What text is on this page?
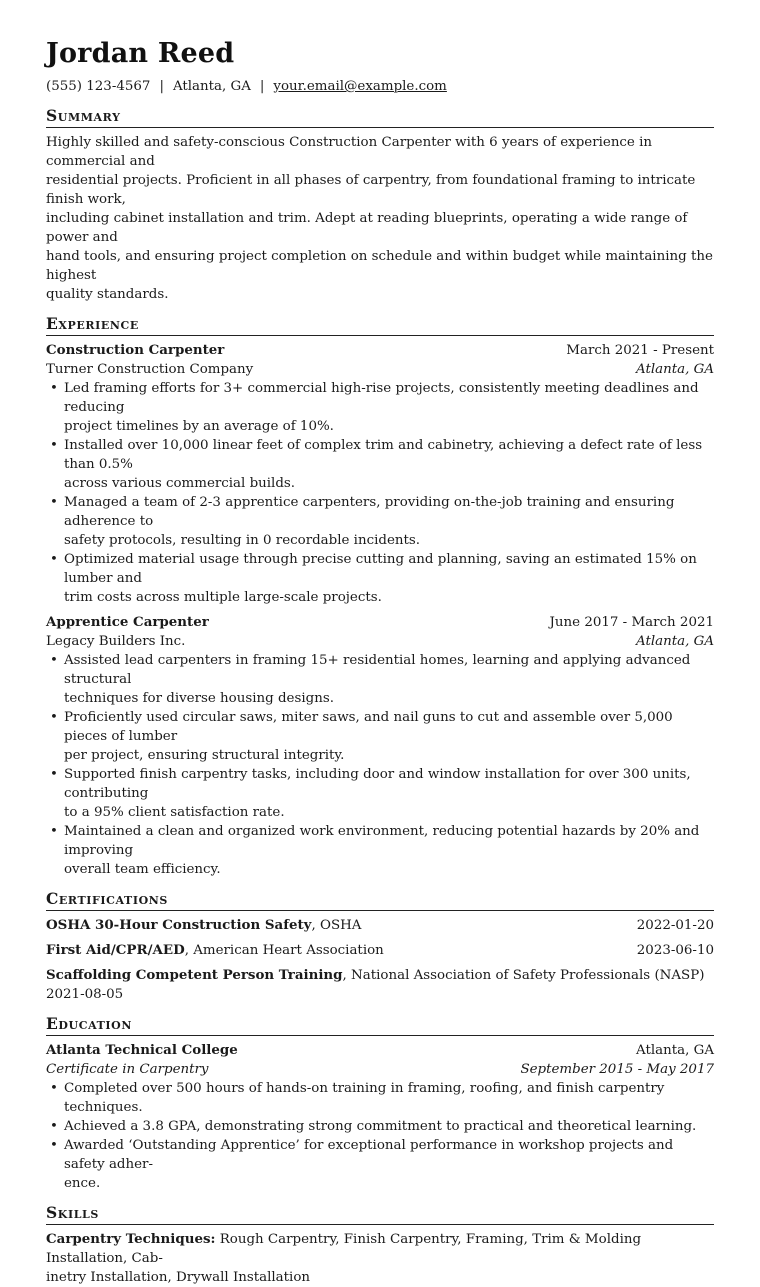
Jordan Reed
(555) 123-4567 | Atlanta, GA | your.email@example.com
Summary
Highly skilled and safety-conscious Construction Carpenter with 6 years of experience in commercial and
residential projects. Proficient in all phases of carpentry, from foundational framing to intricate finish work,
including cabinet installation and trim. Adept at reading blueprints, operating a wide range of power and
hand tools, and ensuring project completion on schedule and within budget while maintaining the highest
quality standards.
Experience
Construction Carpenter	March 2021 - Present
Turner Construction Company	Atlanta, GA
• Led framing efforts for 3+ commercial high-rise projects, consistently meeting deadlines and reducing
project timelines by an average of 10%.
• Installed over 10,000 linear feet of complex trim and cabinetry, achieving a defect rate of less than 0.5%
across various commercial builds.
• Managed a team of 2-3 apprentice carpenters, providing on-the-job training and ensuring adherence to
safety protocols, resulting in 0 recordable incidents.
• Optimized material usage through precise cutting and planning, saving an estimated 15% on lumber and
trim costs across multiple large-scale projects.
Apprentice Carpenter	June 2017 - March 2021
Legacy Builders Inc.	Atlanta, GA
• Assisted lead carpenters in framing 15+ residential homes, learning and applying advanced structural
techniques for diverse housing designs.
• Proficiently used circular saws, miter saws, and nail guns to cut and assemble over 5,000 pieces of lumber
per project, ensuring structural integrity.
• Supported finish carpentry tasks, including door and window installation for over 300 units, contributing
to a 95% client satisfaction rate.
• Maintained a clean and organized work environment, reducing potential hazards by 20% and improving
overall team efficiency.
Certifications
OSHA 30-Hour Construction Safety, OSHA	2022-01-20
First Aid/CPR/AED, American Heart Association	2023-06-10
Scaffolding Competent Person Training, National Association of Safety Professionals (NASP)
2021-08-05
Education
Atlanta Technical College	Atlanta, GA
Certificate in Carpentry	September 2015 - May 2017
• Completed over 500 hours of hands-on training in framing, roofing, and finish carpentry techniques.
• Achieved a 3.8 GPA, demonstrating strong commitment to practical and theoretical learning.
• Awarded ‘Outstanding Apprentice’ for exceptional performance in workshop projects and safety adher-
ence.
Skills
Carpentry Techniques: Rough Carpentry, Finish Carpentry, Framing, Trim & Molding Installation, Cab-
inetry Installation, Drywall Installation
